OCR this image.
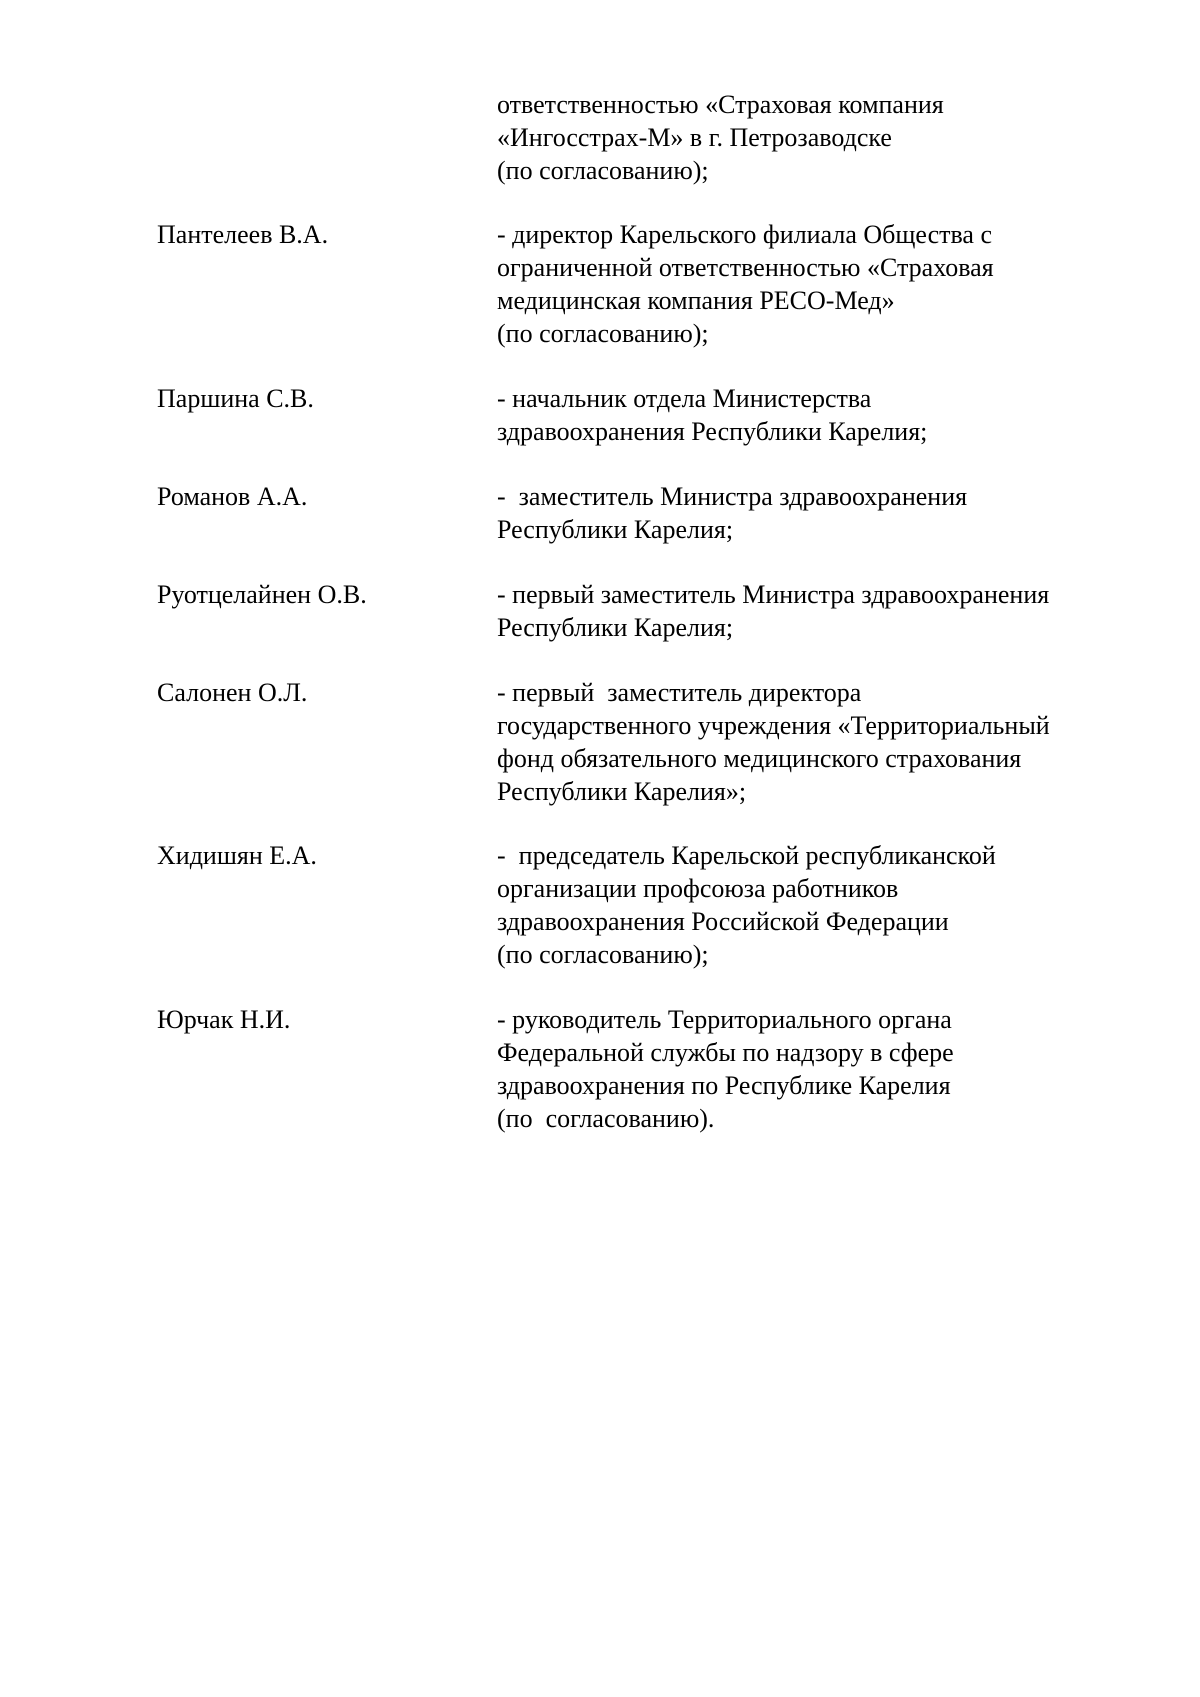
ответственностью «Страховая компания
«Ингосстрах-М» в г. Петрозаводске
(по согласованию);
Пантелеев В.А.	- директор Карельского филиала Общества с
ограниченной ответственностью «Страховая
медицинская компания РЕСО-Мед»
(по согласованию);
Паршина С.В.	- начальник отдела Министерства
здравоохранения Республики Карелия;
Романов А.А.	-  заместитель Министра здравоохранения
Республики Карелия;
Руотцелайнен О.В.	- первый заместитель Министра здравоохранения
Республики Карелия;
Салонен О.Л.	- первый  заместитель директора
государственного учреждения «Территориальный
фонд обязательного медицинского страхования
Республики Карелия»;
Хидишян Е.А.	-  председатель Карельской республиканской
организации профсоюза работников
здравоохранения Российской Федерации
(по согласованию);
Юрчак Н.И.	- руководитель Территориального органа
Федеральной службы по надзору в сфере
здравоохранения по Республике Карелия
(по  согласованию).
